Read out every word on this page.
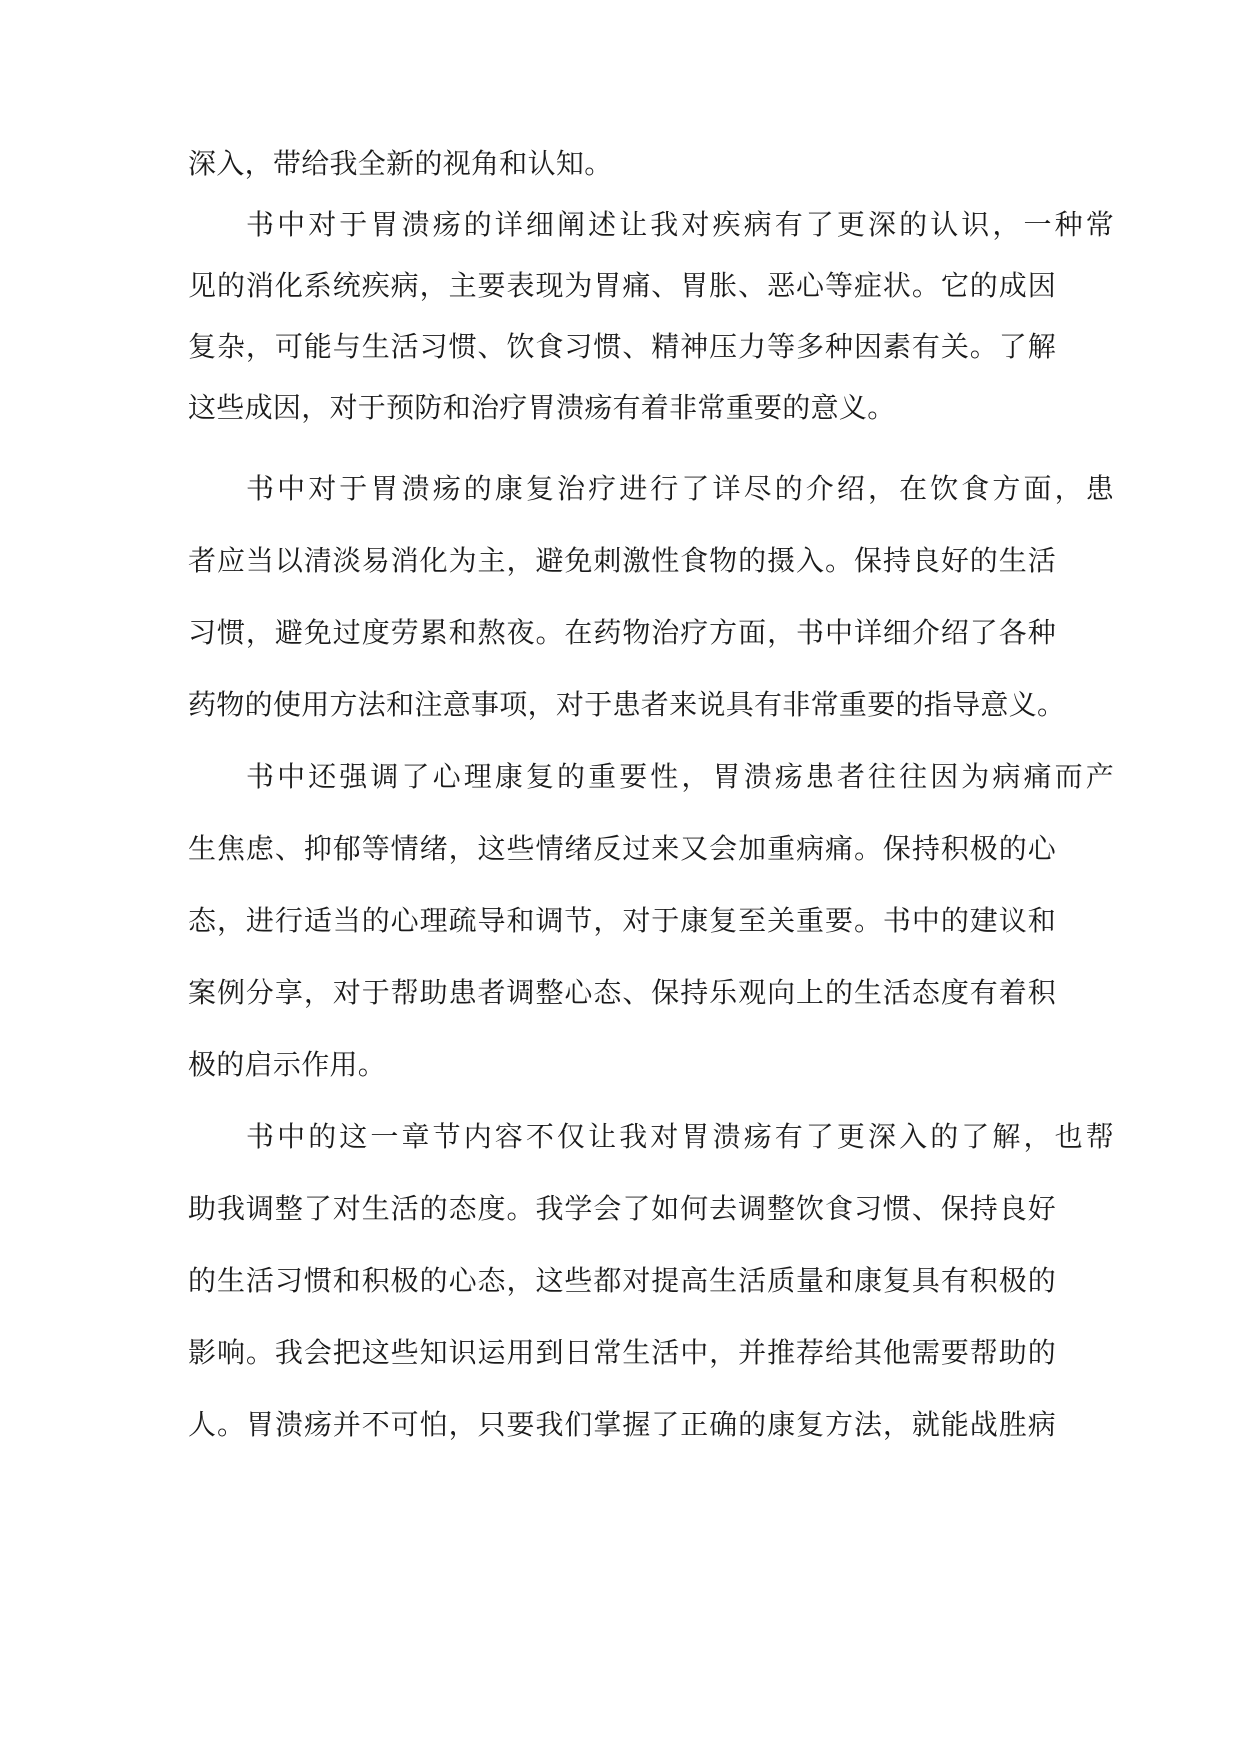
深入，带给我全新的视角和认知。
书中对于胃溃疡的详细阐述让我对疾病有了更深的认识，一种常
见的消化系统疾病，主要表现为胃痛、胃胀、恶心等症状。它的成因
复杂，可能与生活习惯、饮食习惯、精神压力等多种因素有关。了解
这些成因，对于预防和治疗胃溃疡有着非常重要的意义。
书中对于胃溃疡的康复治疗进行了详尽的介绍，在饮食方面，患
者应当以清淡易消化为主，避免刺激性食物的摄入。保持良好的生活
习惯，避免过度劳累和熬夜。在药物治疗方面，书中详细介绍了各种
药物的使用方法和注意事项，对于患者来说具有非常重要的指导意义。
书中还强调了心理康复的重要性，胃溃疡患者往往因为病痛而产
生焦虑、抑郁等情绪，这些情绪反过来又会加重病痛。保持积极的心
态，进行适当的心理疏导和调节，对于康复至关重要。书中的建议和
案例分享，对于帮助患者调整心态、保持乐观向上的生活态度有着积
极的启示作用。
书中的这一章节内容不仅让我对胃溃疡有了更深入的了解，也帮
助我调整了对生活的态度。我学会了如何去调整饮食习惯、保持良好
的生活习惯和积极的心态，这些都对提高生活质量和康复具有积极的
影响。我会把这些知识运用到日常生活中，并推荐给其他需要帮助的
人。胃溃疡并不可怕，只要我们掌握了正确的康复方法，就能战胜病
